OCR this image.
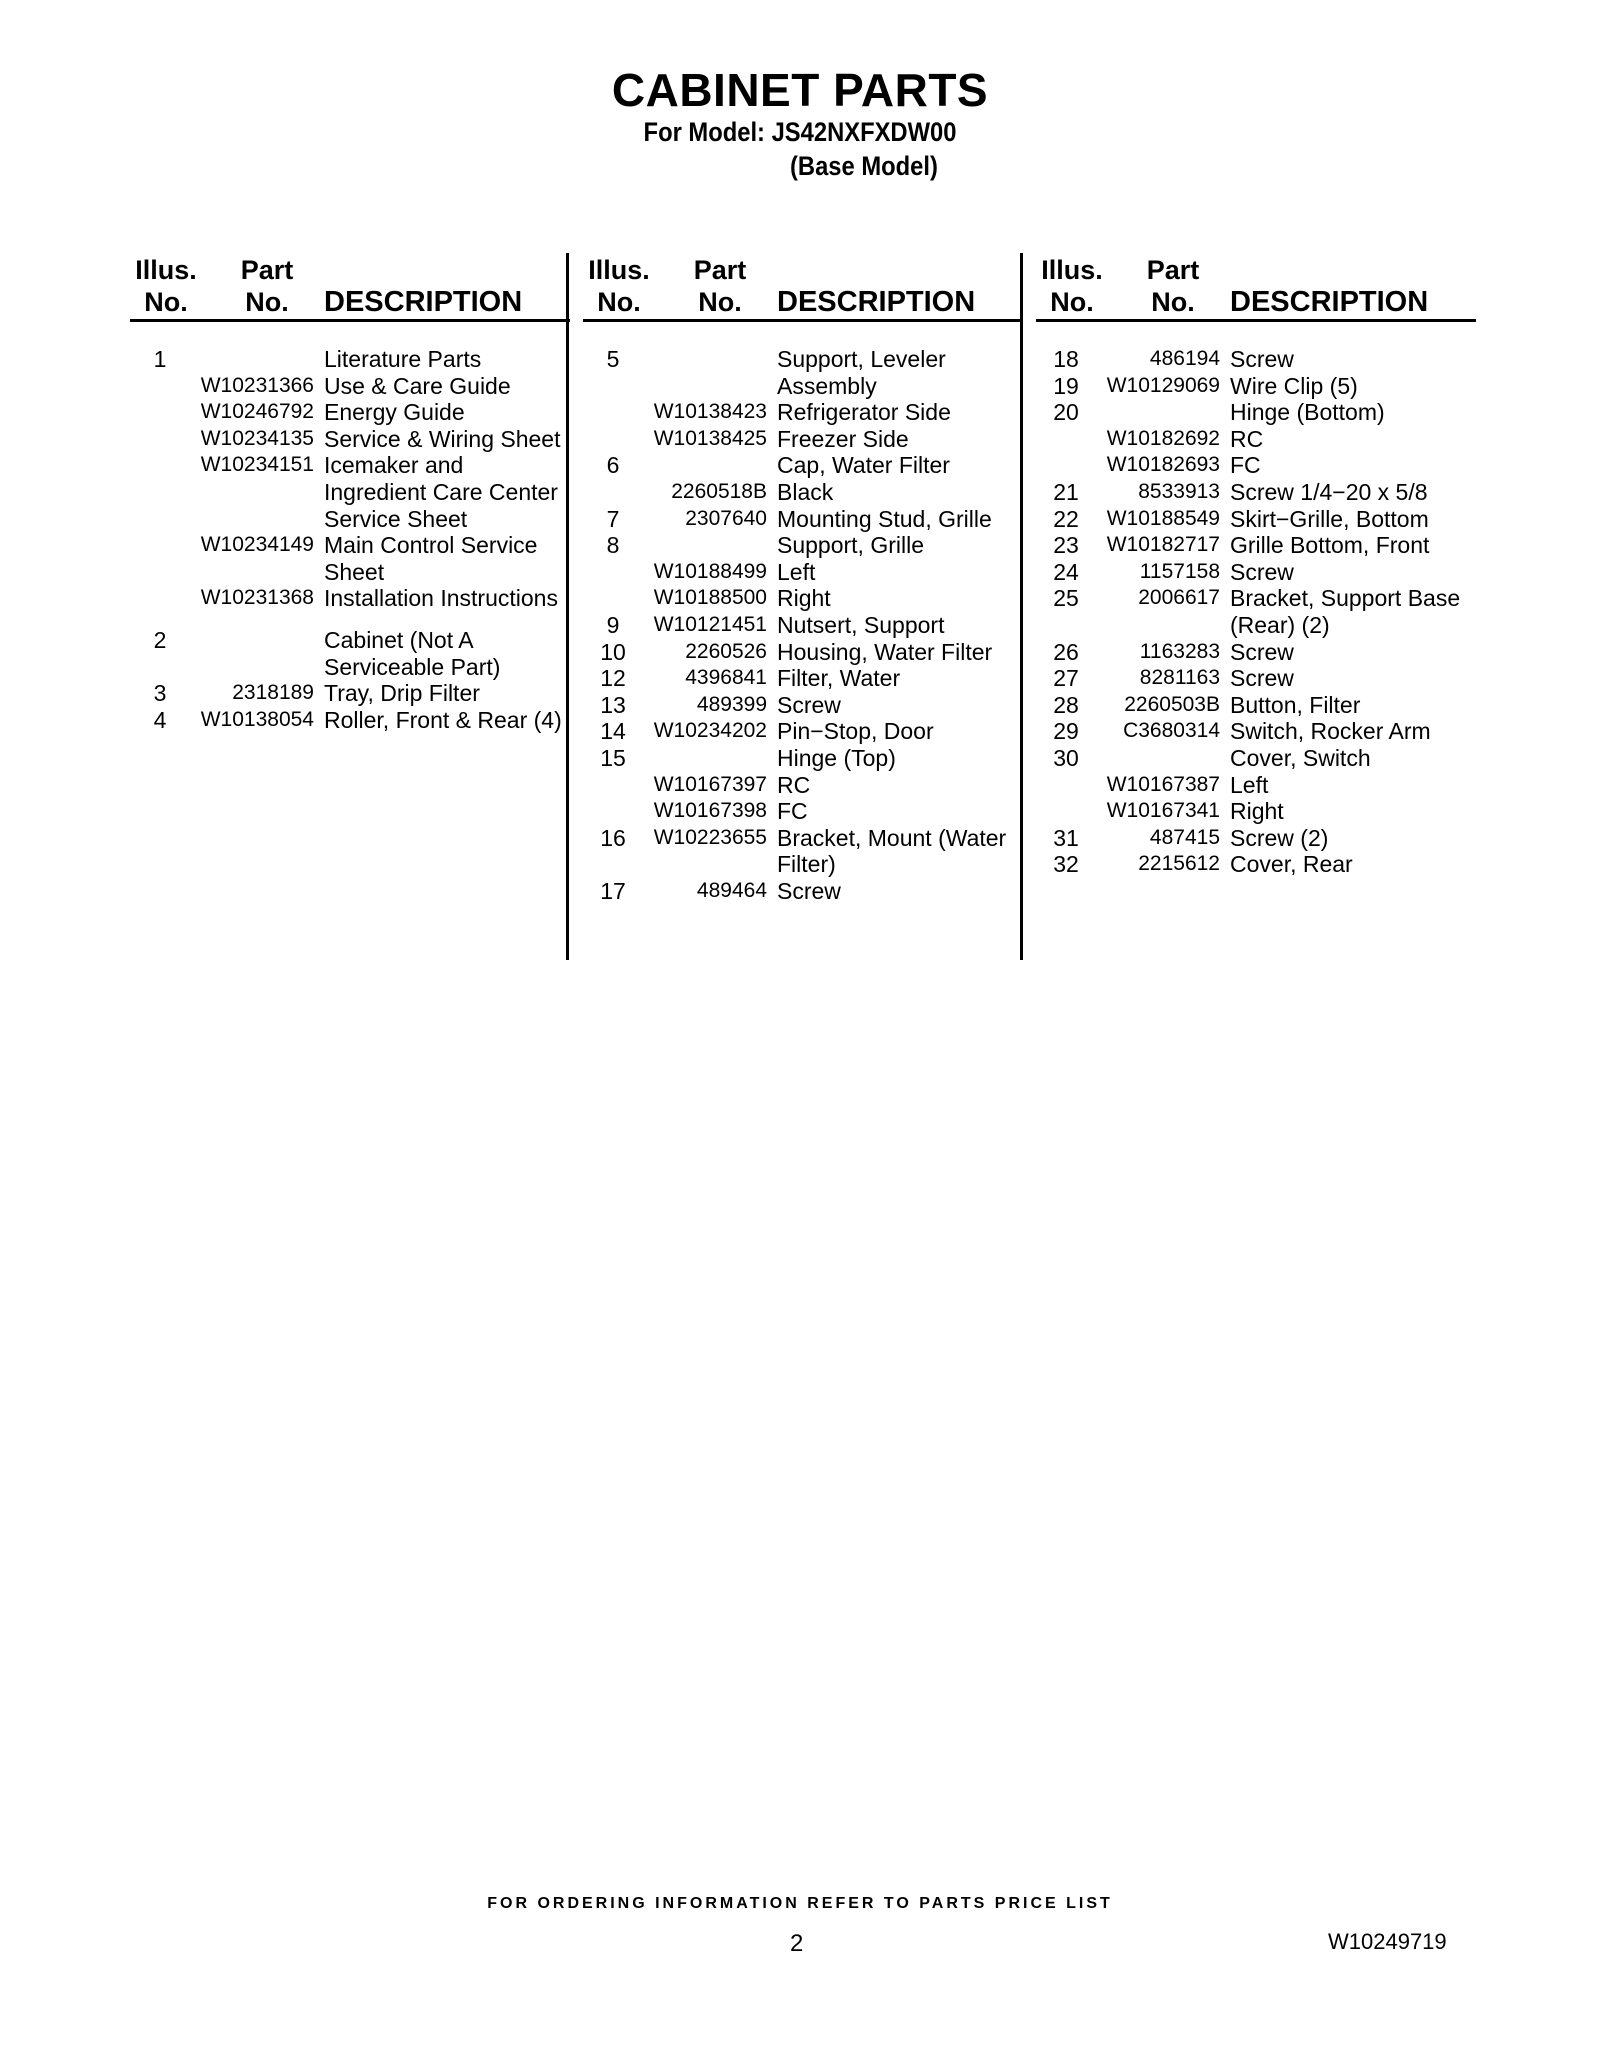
CABINET PARTS
For Model: JS42NXFXDW00
(Base Model)
Illus.
No.
Part
No.	DESCRIPTION
1	Literature Parts
W10231366 Use & Care Guide
W10246792 Energy Guide
W10234135 Service & Wiring Sheet
W10234151 Icemaker and Ingredient Care Center Service Sheet
W10234149 Main Control Service Sheet
W10231368 Installation Instructions
2	Cabinet (Not A Serviceable Part)
3	2318189 Tray, Drip Filter
4	W10138054 Roller, Front & Rear (4)
Illus.
No.
Part
No.	DESCRIPTION
5	Support, Leveler Assembly
W10138423 Refrigerator Side
W10138425 Freezer Side
6	Cap, Water Filter
2260518B Black
7	2307640 Mounting Stud, Grille
8	Support, Grille
W10188499 Left
W10188500 Right
9	W10121451 Nutsert, Support
10	2260526 Housing, Water Filter
12	4396841 Filter, Water
13	489399 Screw
14	W10234202 Pin−Stop, Door
15	Hinge (Top)
W10167397 RC
W10167398 FC
16	W10223655 Bracket, Mount (Water Filter)
17	489464 Screw
Illus.
No.
Part
No.	DESCRIPTION
18	486194 Screw
19	W10129069 Wire Clip (5)
20	Hinge (Bottom)
W10182692 RC
W10182693 FC
21	8533913 Screw 1/4−20 x 5/8
22	W10188549 Skirt−Grille, Bottom
23	W10182717 Grille Bottom, Front
24	1157158 Screw
25	2006617 Bracket, Support Base (Rear) (2)
26	1163283 Screw
27	8281163 Screw
28	2260503B Button, Filter
29	C3680314 Switch, Rocker Arm
30	Cover, Switch
W10167387 Left
W10167341 Right
31	487415 Screw (2)
32	2215612 Cover, Rear
FOR ORDERING INFORMATION REFER TO PARTS PRICE LIST
2	W10249719
